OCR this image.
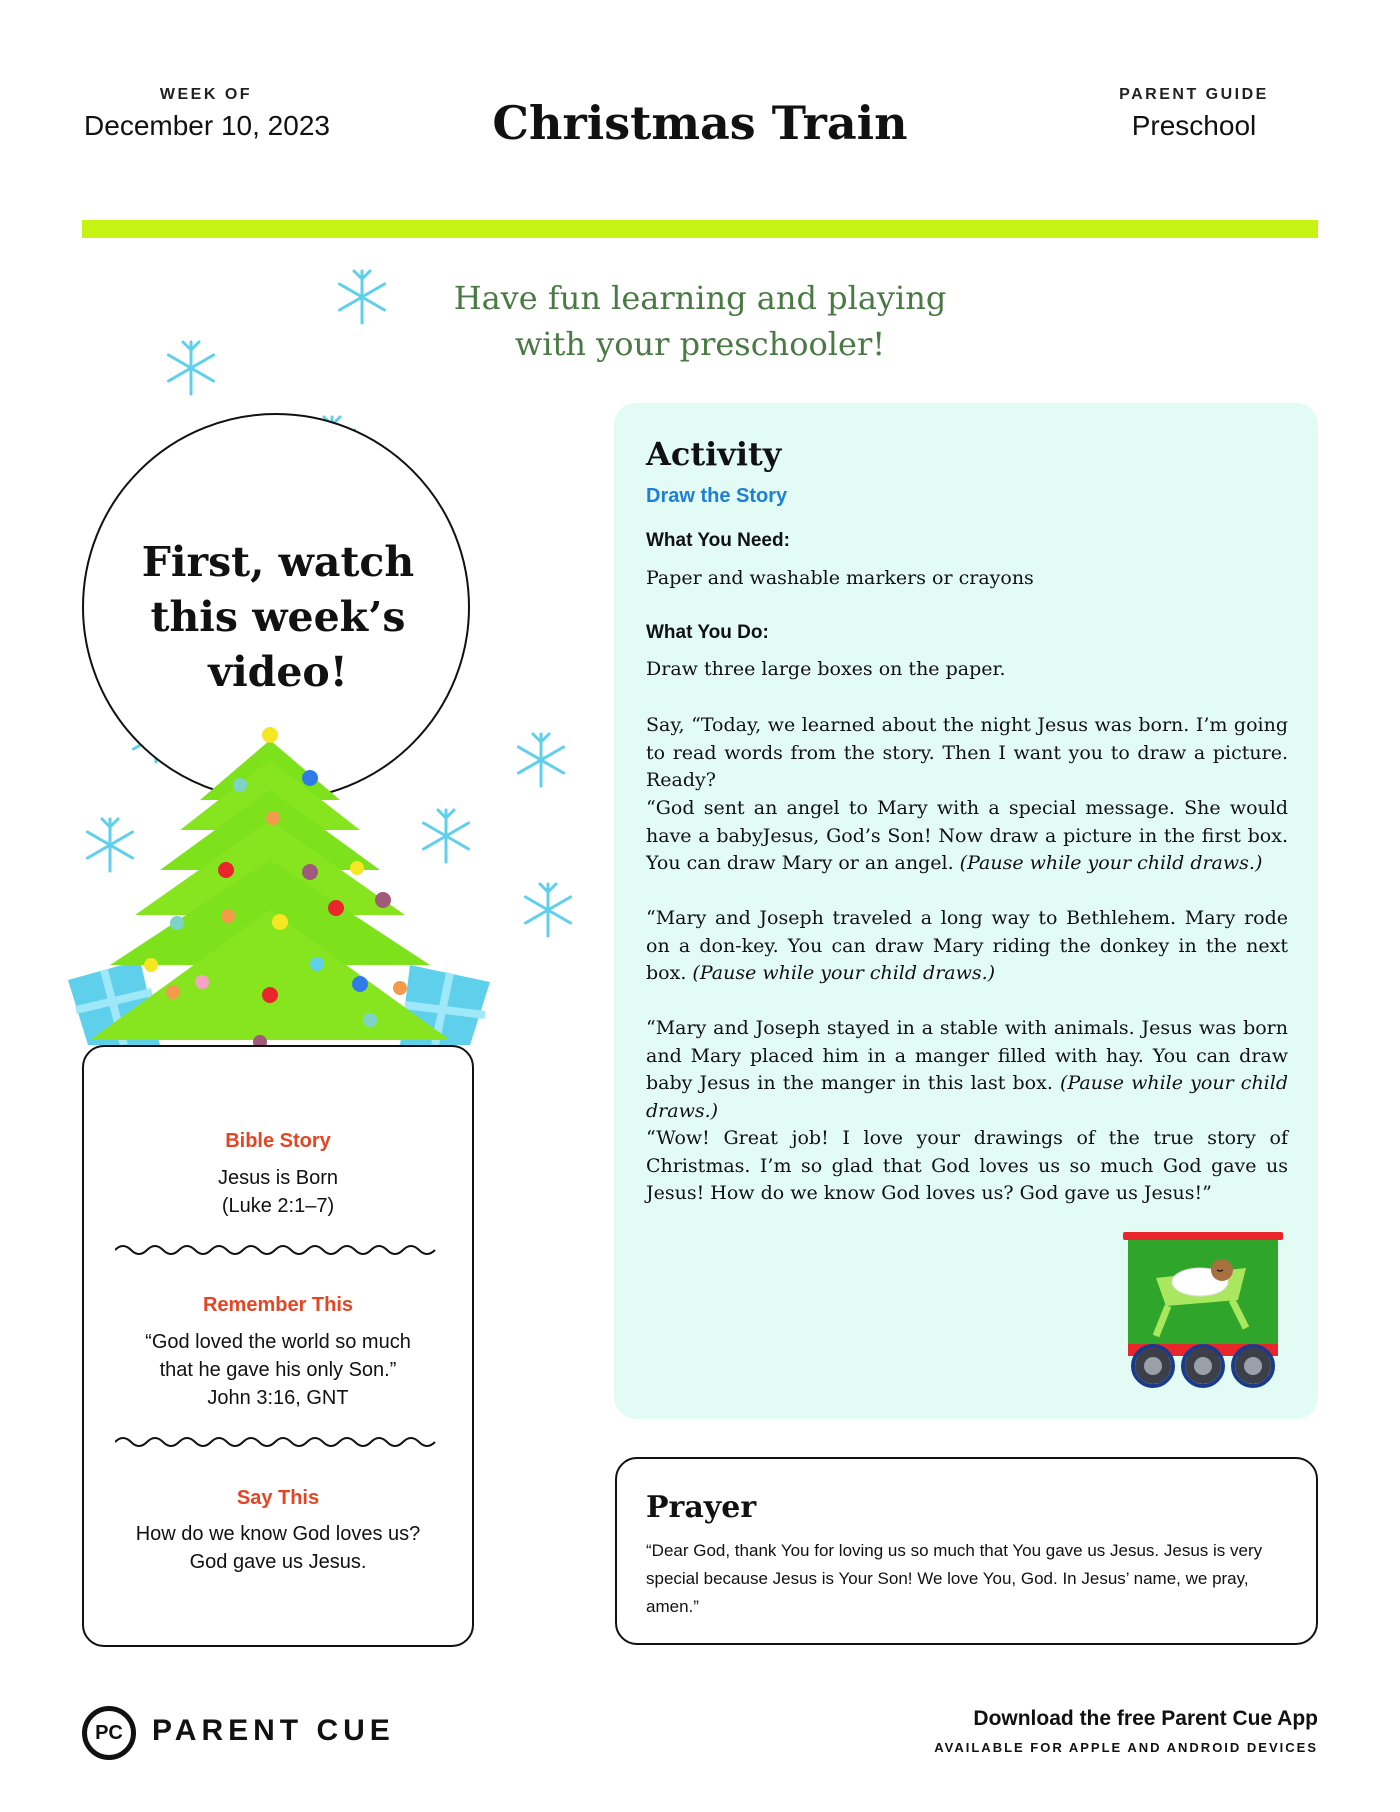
WEEK OF
December 10, 2023	Christmas Train
PARENT GUIDE
Preschool
Have fun learning and playing
with your preschooler!
First, watch
this week’s
video!
Bible Story
Jesus is Born
(Luke 2:1–7)
Remember This
“God loved the world so much
that he gave his only Son.”
John 3:16, GNT
Say This
How do we know God loves us?
God gave us Jesus.
Activity
Draw the Story
What You Need:
Paper and washable markers or crayons
What You Do:
Draw three large boxes on the paper.
Say, “Today, we learned about the night Jesus was born. I’m going to read words from the story. Then I want you to draw a picture. Ready?
“God sent an angel to Mary with a special message. She would have a babyJesus, God’s Son! Now draw a picture in the first box. You can draw Mary or an angel. (Pause while your child draws.)
“Mary and Joseph traveled a long way to Bethlehem. Mary rode on a don-key. You can draw Mary riding the donkey in the next box. (Pause while your child draws.)
“Mary and Joseph stayed in a stable with animals. Jesus was born and Mary placed him in a manger filled with hay. You can draw baby Jesus in the manger in this last box. (Pause while your child draws.)
“Wow! Great job! I love your drawings of the true story of Christmas. I’m so glad that God loves us so much God gave us Jesus! How do we know God loves us? God gave us Jesus!”
Prayer
“Dear God, thank You for loving us so much that You gave us Jesus. Jesus is very special because Jesus is Your Son! We love You, God. In Jesus’ name, we pray, amen.”
PC PARENT CUE	Download the free Parent Cue App
AVAILABLE FOR APPLE AND ANDROID DEVICES
